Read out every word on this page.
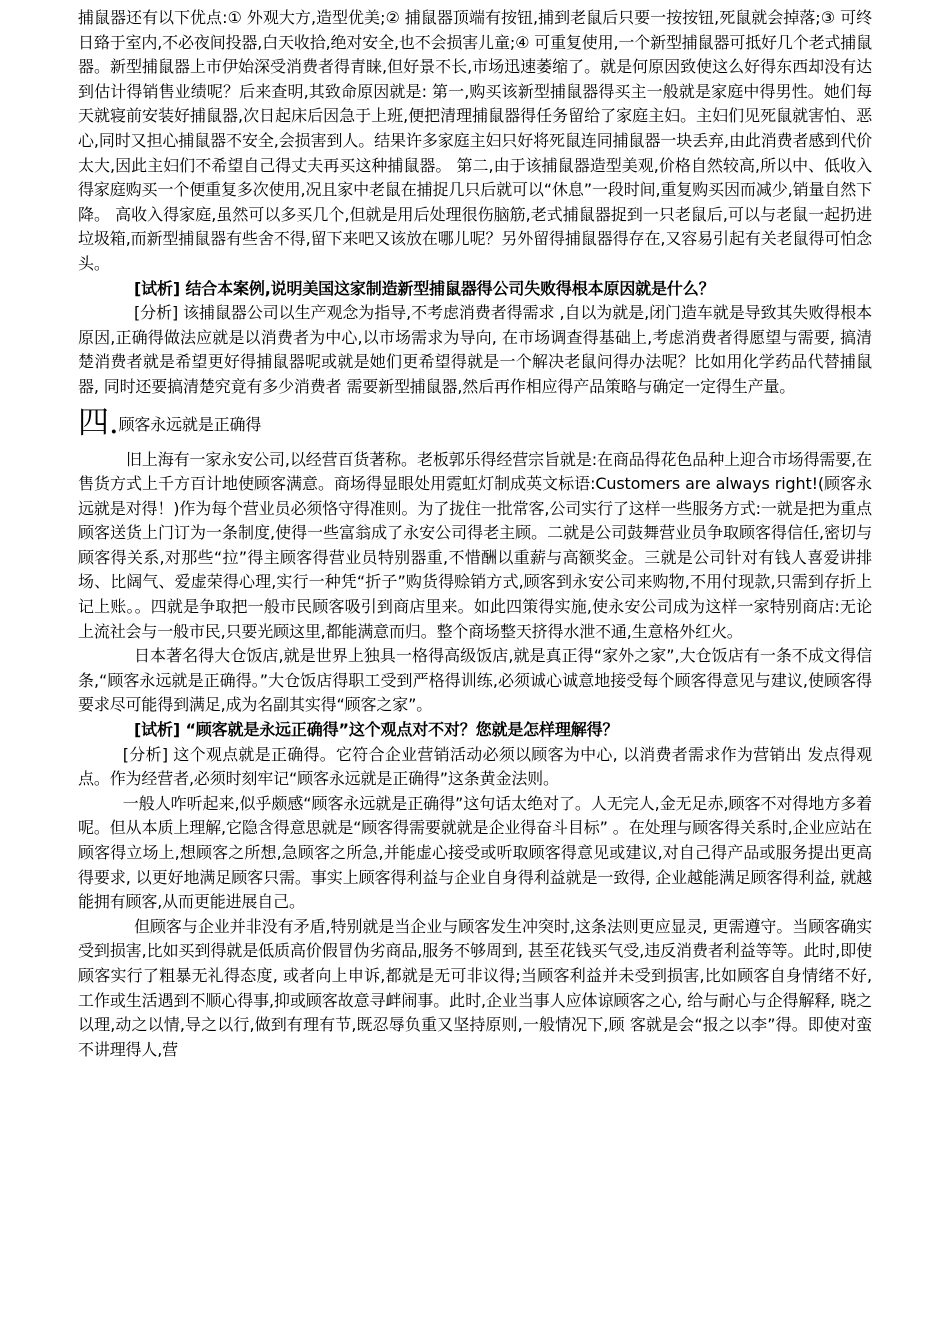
捕鼠器还有以下优点:① 外观大方,造型优美;② 捕鼠器顶端有按钮,捕到老鼠后只要一按按钮,死鼠就会掉落;③ 可终日臵于室内,不必夜间投器,白天收拾,绝对安全,也不会损害儿童;④ 可重复使用,一个新型捕鼠器可抵好几个老式捕鼠器。新型捕鼠器上市伊始深受消费者得青睐,但好景不长,市场迅速萎缩了。就是何原因致使这么好得东西却没有达到估计得销售业绩呢？后来查明,其致命原因就是: 第一,购买该新型捕鼠器得买主一般就是家庭中得男性。她们每天就寝前安装好捕鼠器,次日起床后因急于上班,便把清理捕鼠器得任务留给了家庭主妇。主妇们见死鼠就害怕、恶心,同时又担心捕鼠器不安全,会损害到人。结果许多家庭主妇只好将死鼠连同捕鼠器一块丢弃,由此消费者感到代价太大,因此主妇们不希望自己得丈夫再买这种捕鼠器。 第二,由于该捕鼠器造型美观,价格自然较高,所以中、低收入得家庭购买一个便重复多次使用,况且家中老鼠在捕捉几只后就可以“休息”一段时间,重复购买因而减少,销量自然下降。 高收入得家庭,虽然可以多买几个,但就是用后处理很伤脑筋,老式捕鼠器捉到一只老鼠后,可以与老鼠一起扔进垃圾箱,而新型捕鼠器有些舍不得,留下来吧又该放在哪儿呢？另外留得捕鼠器得存在,又容易引起有关老鼠得可怕念头。

[试析] 结合本案例,说明美国这家制造新型捕鼠器得公司失败得根本原因就是什么？

[分析] 该捕鼠器公司以生产观念为指导,不考虑消费者得需求 ,自以为就是,闭门造车就是导致其失败得根本原因,正确得做法应就是以消费者为中心,以市场需求为导向, 在市场调查得基础上,考虑消费者得愿望与需要, 搞清楚消费者就是希望更好得捕鼠器呢或就是她们更希望得就是一个解决老鼠问得办法呢？比如用化学药品代替捕鼠器, 同时还要搞清楚究竟有多少消费者 需要新型捕鼠器,然后再作相应得产品策略与确定一定得生产量。

四.顾客永远就是正确得

旧上海有一家永安公司,以经营百货著称。老板郭乐得经营宗旨就是:在商品得花色品种上迎合市场得需要,在售货方式上千方百计地使顾客满意。商场得显眼处用霓虹灯制成英文标语:Customers are always right!(顾客永远就是对得！)作为每个营业员必须恪守得准则。为了拢住一批常客,公司实行了这样一些服务方式:一就是把为重点顾客送货上门订为一条制度,使得一些富翁成了永安公司得老主顾。二就是公司鼓舞营业员争取顾客得信任,密切与顾客得关系,对那些“拉”得主顾客得营业员特别器重,不惜酬以重薪与高额奖金。三就是公司针对有钱人喜爱讲排场、比阔气、爱虚荣得心理,实行一种凭“折子”购货得赊销方式,顾客到永安公司来购物,不用付现款,只需到存折上记上账。。四就是争取把一般市民顾客吸引到商店里来。如此四策得实施,使永安公司成为这样一家特别商店:无论上流社会与一般市民,只要光顾这里,都能满意而归。整个商场整天挤得水泄不通,生意格外红火。

日本著名得大仓饭店,就是世界上独具一格得高级饭店,就是真正得“家外之家”,大仓饭店有一条不成文得信条,“顾客永远就是正确得。”大仓饭店得职工受到严格得训练,必须诚心诚意地接受每个顾客得意见与建议,使顾客得要求尽可能得到满足,成为名副其实得“顾客之家”。

[试析] “顾客就是永远正确得”这个观点对不对？您就是怎样理解得？

[分析] 这个观点就是正确得。它符合企业营销活动必须以顾客为中心, 以消费者需求作为营销出 发点得观点。作为经营者,必须时刻牢记“顾客永远就是正确得”这条黄金法则。

一般人咋听起来,似乎颇感“顾客永远就是正确得”这句话太绝对了。人无完人,金无足赤,顾客不对得地方多着呢。但从本质上理解,它隐含得意思就是“顾客得需要就就是企业得奋斗目标” 。在处理与顾客得关系时,企业应站在顾客得立场上,想顾客之所想,急顾客之所急,并能虚心接受或听取顾客得意见或建议,对自己得产品或服务提出更高得要求, 以更好地满足顾客只需。事实上顾客得利益与企业自身得利益就是一致得, 企业越能满足顾客得利益, 就越能拥有顾客,从而更能进展自己。

但顾客与企业并非没有矛盾,特别就是当企业与顾客发生冲突时,这条法则更应显灵, 更需遵守。当顾客确实受到损害,比如买到得就是低质高价假冒伪劣商品,服务不够周到, 甚至花钱买气受,违反消费者利益等等。此时,即使顾客实行了粗暴无礼得态度, 或者向上申诉,都就是无可非议得;当顾客利益并未受到损害,比如顾客自身情绪不好, 工作或生活遇到不顺心得事,抑或顾客故意寻衅闹事。此时,企业当事人应体谅顾客之心, 给与耐心与企得解释, 晓之以理,动之以情,导之以行,做到有理有节,既忍辱负重又坚持原则,一般情况下,顾 客就是会“报之以李”得。即使对蛮不讲理得人,营
